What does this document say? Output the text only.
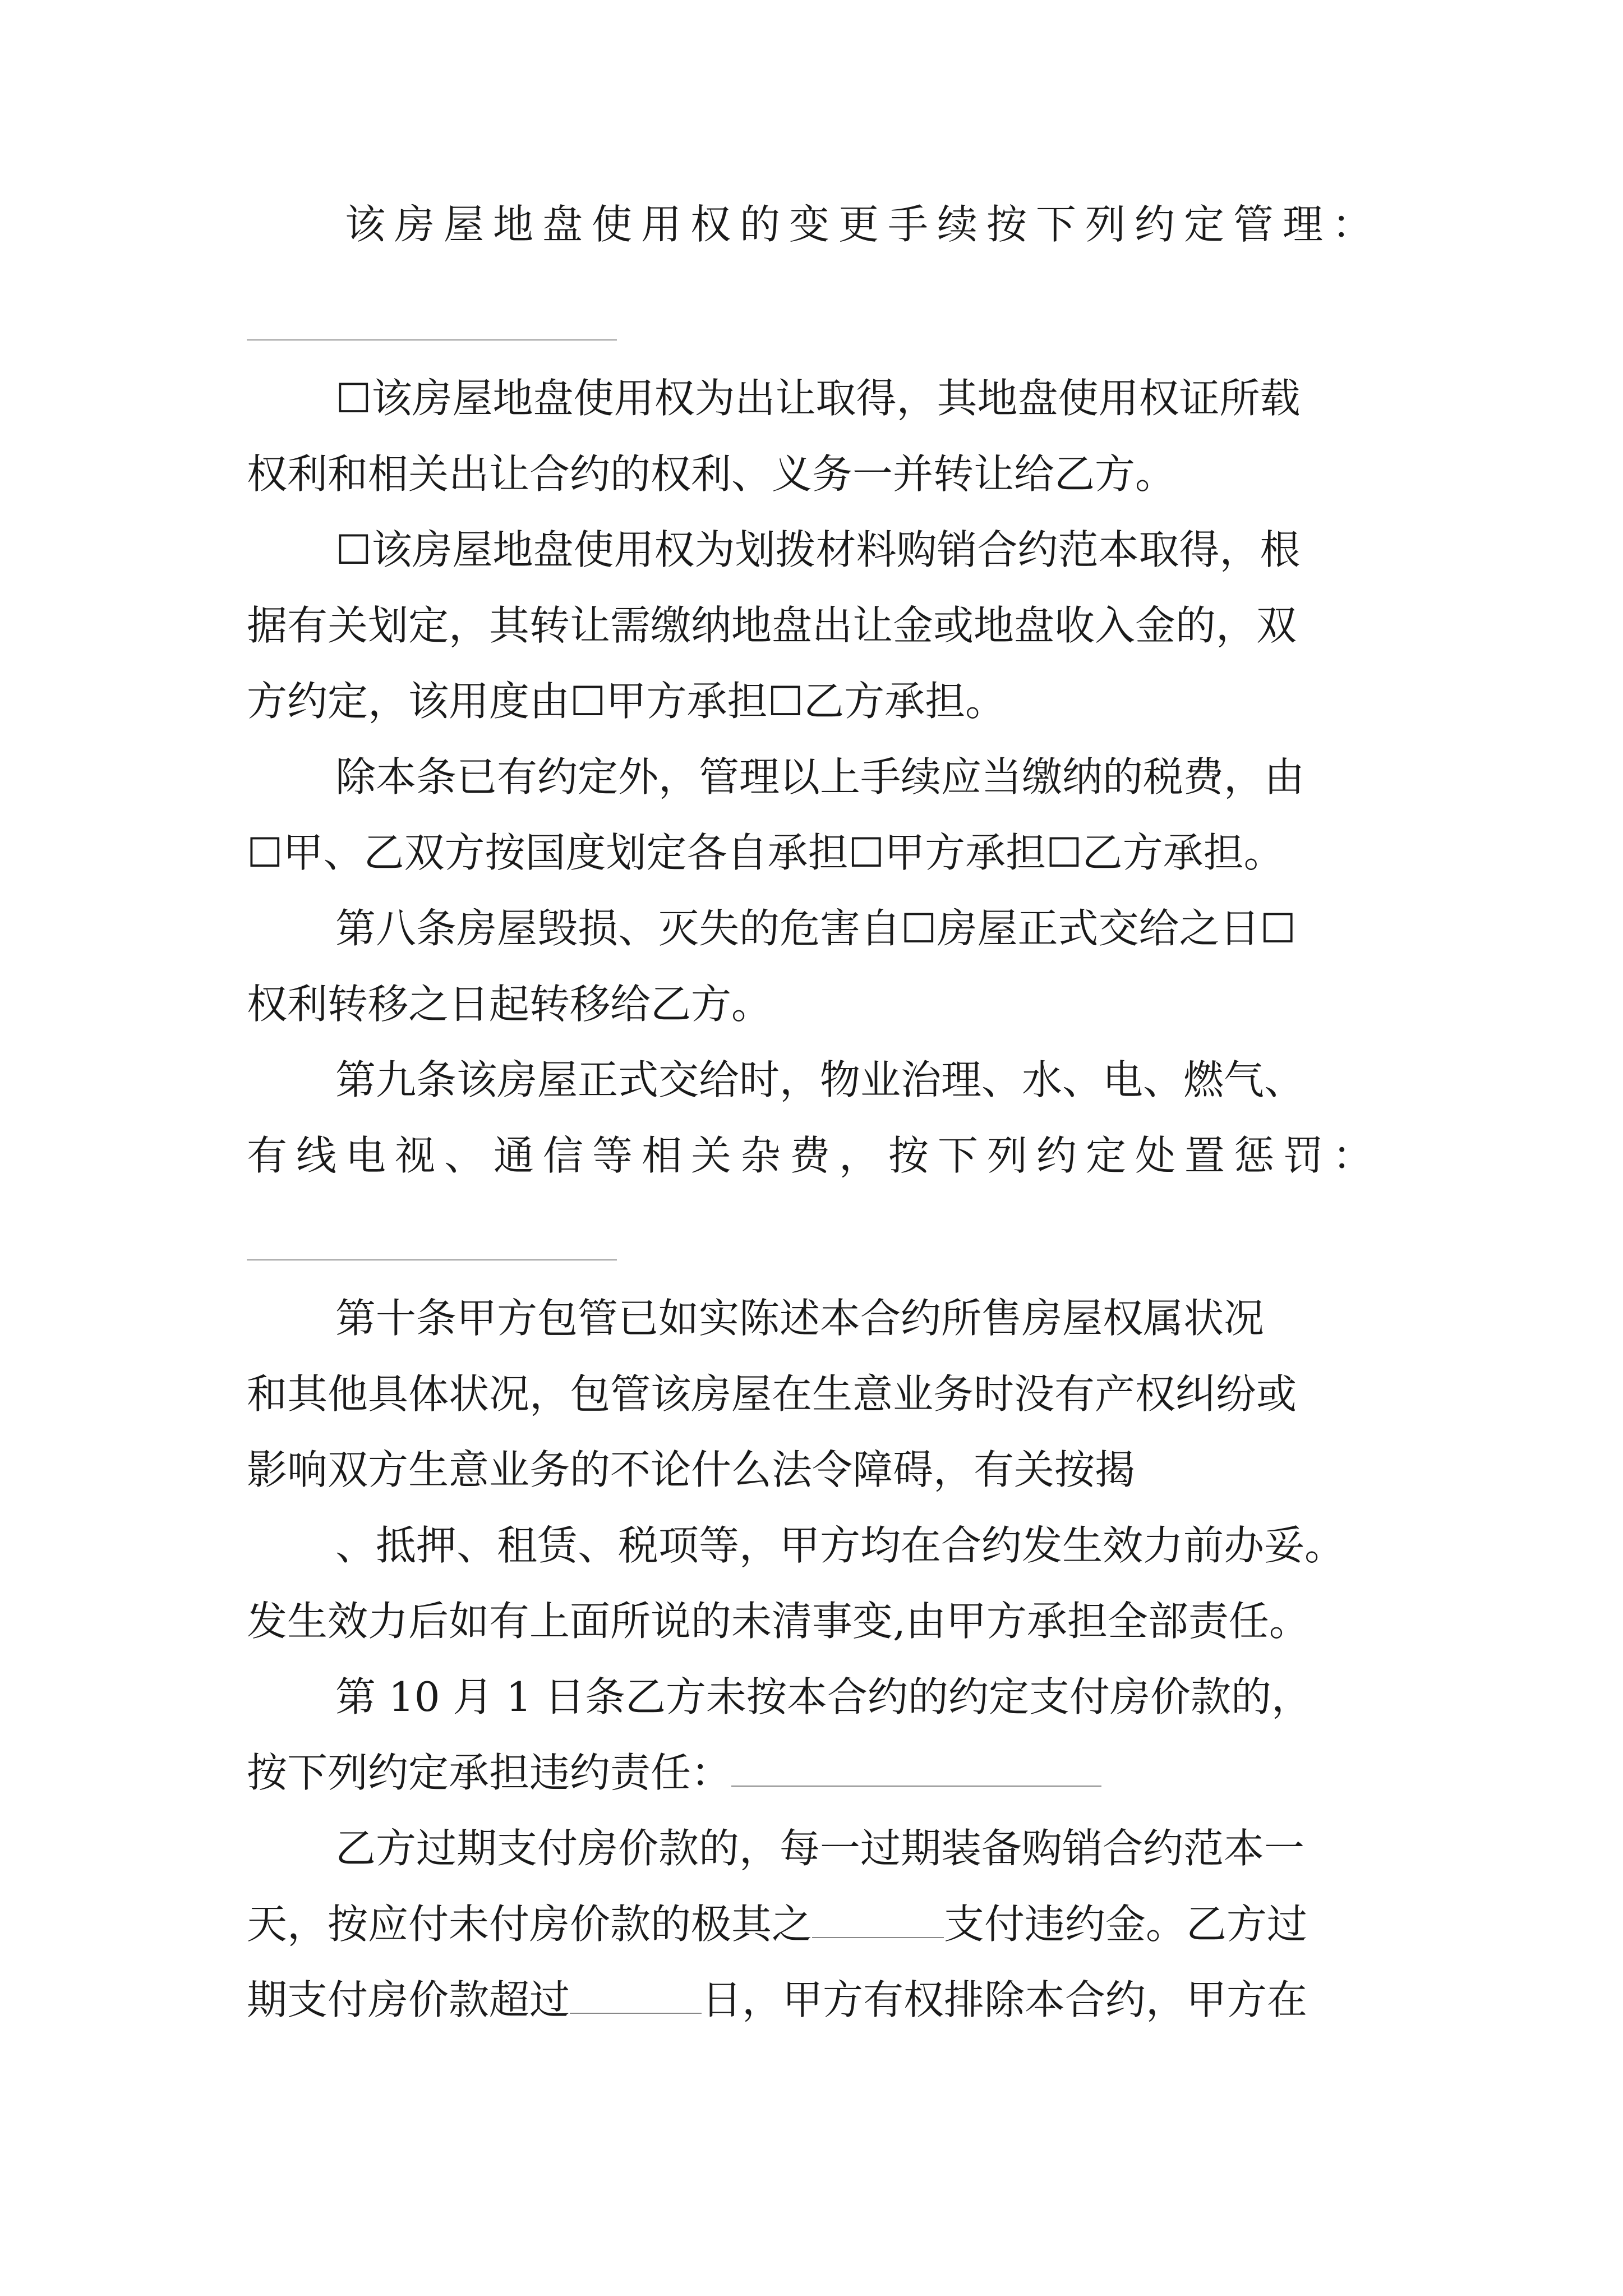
该房屋地盘使用权的变更手续按下列约定管理：
☐该房屋地盘使用权为出让取得，其地盘使用权证所载
权利和相关出让合约的权利、义务一并转让给乙方。
☐该房屋地盘使用权为划拨材料购销合约范本取得，根
据有关划定，其转让需缴纳地盘出让金或地盘收入金的，双
方约定，该用度由☐甲方承担☐乙方承担。
除本条已有约定外，管理以上手续应当缴纳的税费，由
☐甲、乙双方按国度划定各自承担☐甲方承担☐乙方承担。
第八条房屋毁损、灭失的危害自☐房屋正式交给之日☐
权利转移之日起转移给乙方。
第九条该房屋正式交给时，物业治理、水、电、燃气、
有线电视、通信等相关杂费，按下列约定处置惩罚：
第十条甲方包管已如实陈述本合约所售房屋权属状况
和其他具体状况，包管该房屋在生意业务时没有产权纠纷或
影响双方生意业务的不论什么法令障碍，有关按揭
、抵押、租赁、税项等，甲方均在合约发生效力前办妥。
发生效力后如有上面所说的未清事变,由甲方承担全部责任。
第 10 月 1 日条乙方未按本合约的约定支付房价款的，
按下列约定承担违约责任：
乙方过期支付房价款的，每一过期装备购销合约范本一
天，按应付未付房价款的极其之	支付违约金。乙方过
期支付房价款超过	日，甲方有权排除本合约，甲方在
